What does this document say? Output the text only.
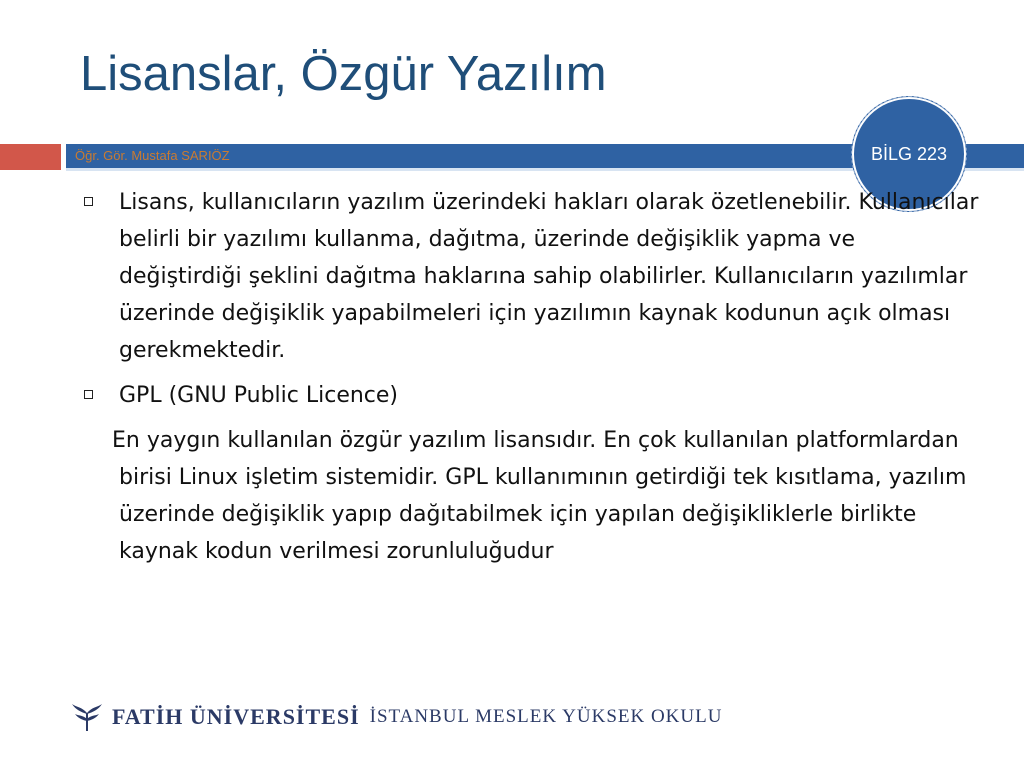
Lisanslar, Özgür Yazılım
Öğr. Gör. Mustafa SARIÖZ	BİLG 223
Lisans, kullanıcıların yazılım üzerindeki hakları olarak özetlenebilir. Kullanıcılar belirli bir yazılımı kullanma, dağıtma, üzerinde değişiklik yapma ve değiştirdiği şeklini dağıtma haklarına sahip olabilirler. Kullanıcıların yazılımlar üzerinde değişiklik yapabilmeleri için yazılımın kaynak kodunun açık olması gerekmektedir.
GPL (GNU Public Licence)
En yaygın kullanılan özgür yazılım lisansıdır. En çok kullanılan platformlardan birisi Linux işletim sistemidir. GPL kullanımının getirdiği tek kısıtlama, yazılım üzerinde değişiklik yapıp dağıtabilmek için yapılan değişikliklerle birlikte kaynak kodun verilmesi zorunluluğudur
FATİH ÜNİVERSİTESİ İSTANBUL MESLEK YÜKSEK OKULU
